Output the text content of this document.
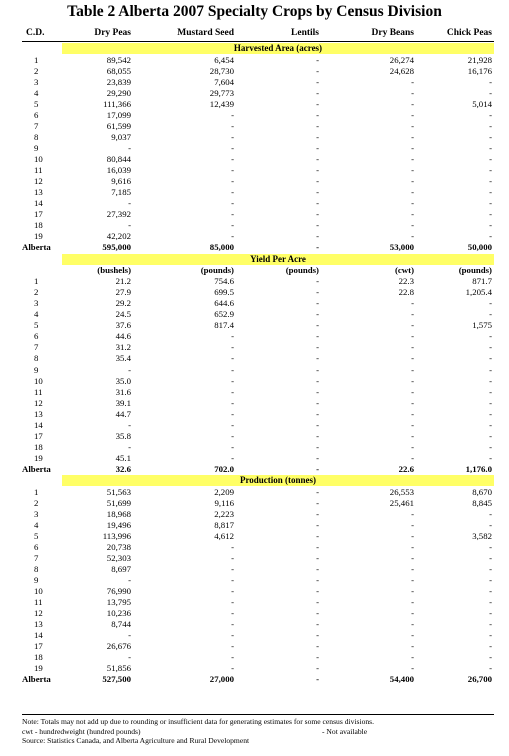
Table 2 Alberta 2007 Specialty Crops by Census Division
C.D.	Dry Peas	Mustard Seed	Lentils	Dry Beans	Chick Peas
Harvested Area (acres)
1	89,542	6,454	-	26,274	21,928
2	68,055	28,730	-	24,628	16,176
3	23,839	7,604	-	-	-
4	29,290	29,773	-	-	-
5	111,366	12,439	-	-	5,014
6	17,099	-	-	-	-
7	61,599	-	-	-	-
8	9,037	-	-	-	-
9	-	-	-	-	-
10	80,844	-	-	-	-
11	16,039	-	-	-	-
12	9,616	-	-	-	-
13	7,185	-	-	-	-
14	-	-	-	-	-
17	27,392	-	-	-	-
18	-	-	-	-	-
19	42,202	-	-	-	-
Alberta	595,000	85,000	-	53,000	50,000
Yield Per Acre
(bushels)	(pounds)	(pounds)	(cwt)	(pounds)
1	21.2	754.6	-	22.3	871.7
2	27.9	699.5	-	22.8	1,205.4
3	29.2	644.6	-	-	-
4	24.5	652.9	-	-	-
5	37.6	817.4	-	-	1,575
6	44.6	-	-	-	-
7	31.2	-	-	-	-
8	35.4	-	-	-	-
9	-	-	-	-	-
10	35.0	-	-	-	-
11	31.6	-	-	-	-
12	39.1	-	-	-	-
13	44.7	-	-	-	-
14	-	-	-	-	-
17	35.8	-	-	-	-
18	-	-	-	-	-
19	45.1	-	-	-	-
Alberta	32.6	702.0	-	22.6	1,176.0
Production (tonnes)
1	51,563	2,209	-	26,553	8,670
2	51,699	9,116	-	25,461	8,845
3	18,968	2,223	-	-	-
4	19,496	8,817	-	-	-
5	113,996	4,612	-	-	3,582
6	20,738	-	-	-	-
7	52,303	-	-	-	-
8	8,697	-	-	-	-
9	-	-	-	-	-
10	76,990	-	-	-	-
11	13,795	-	-	-	-
12	10,236	-	-	-	-
13	8,744	-	-	-	-
14	-	-	-	-	-
17	26,676	-	-	-	-
18	-	-	-	-	-
19	51,856	-	-	-	-
Alberta	527,500	27,000	-	54,400	26,700
Note: Totals may not add up due to rounding or insufficient data for generating estimates for some census divisions.
cwt - hundredweight (hundred pounds)	- Not available
Source: Statistics Canada, and Alberta Agriculture and Rural Development
